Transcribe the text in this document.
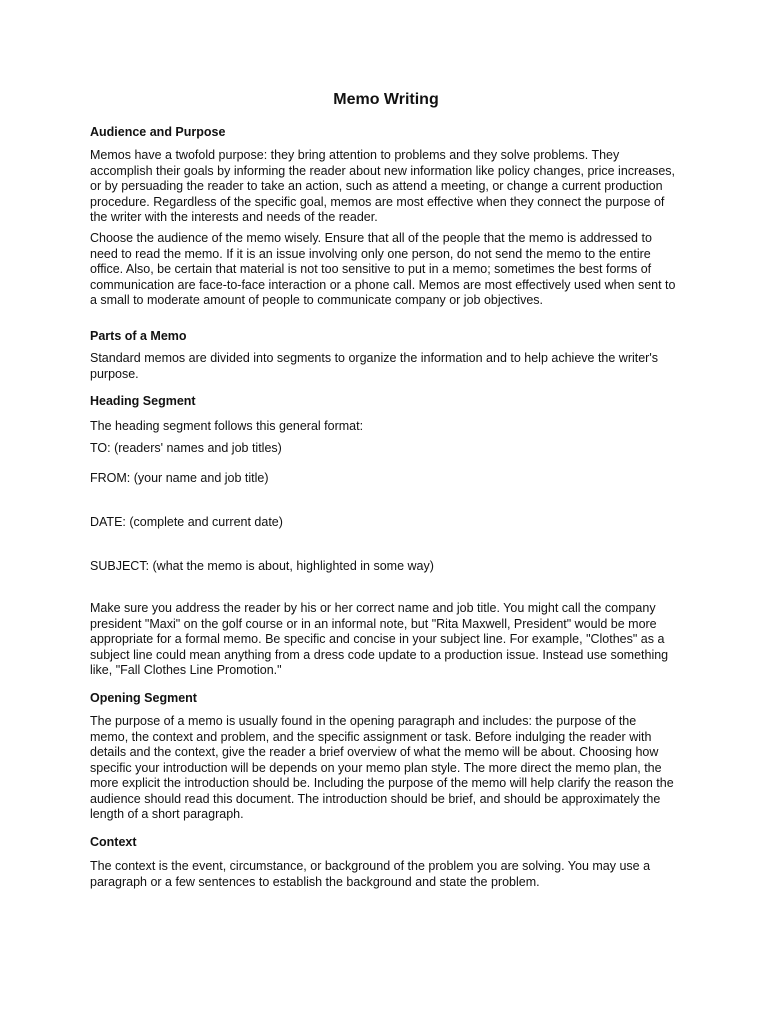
Memo Writing
Audience and Purpose
Memos have a twofold purpose: they bring attention to problems and they solve problems. They accomplish their goals by informing the reader about new information like policy changes, price increases, or by persuading the reader to take an action, such as attend a meeting, or change a current production procedure. Regardless of the specific goal, memos are most effective when they connect the purpose of the writer with the interests and needs of the reader.
Choose the audience of the memo wisely. Ensure that all of the people that the memo is addressed to need to read the memo. If it is an issue involving only one person, do not send the memo to the entire office. Also, be certain that material is not too sensitive to put in a memo; sometimes the best forms of communication are face-to-face interaction or a phone call. Memos are most effectively used when sent to a small to moderate amount of people to communicate company or job objectives.
Parts of a Memo
Standard memos are divided into segments to organize the information and to help achieve the writer's purpose.
Heading Segment
The heading segment follows this general format:
TO: (readers' names and job titles)
FROM: (your name and job title)
DATE: (complete and current date)
SUBJECT: (what the memo is about, highlighted in some way)
Make sure you address the reader by his or her correct name and job title. You might call the company president "Maxi" on the golf course or in an informal note, but "Rita Maxwell, President" would be more appropriate for a formal memo. Be specific and concise in your subject line. For example, "Clothes" as a subject line could mean anything from a dress code update to a production issue. Instead use something like, "Fall Clothes Line Promotion."
Opening Segment
The purpose of a memo is usually found in the opening paragraph and includes: the purpose of the memo, the context and problem, and the specific assignment or task. Before indulging the reader with details and the context, give the reader a brief overview of what the memo will be about. Choosing how specific your introduction will be depends on your memo plan style. The more direct the memo plan, the more explicit the introduction should be. Including the purpose of the memo will help clarify the reason the audience should read this document. The introduction should be brief, and should be approximately the length of a short paragraph.
Context
The context is the event, circumstance, or background of the problem you are solving. You may use a paragraph or a few sentences to establish the background and state the problem.
